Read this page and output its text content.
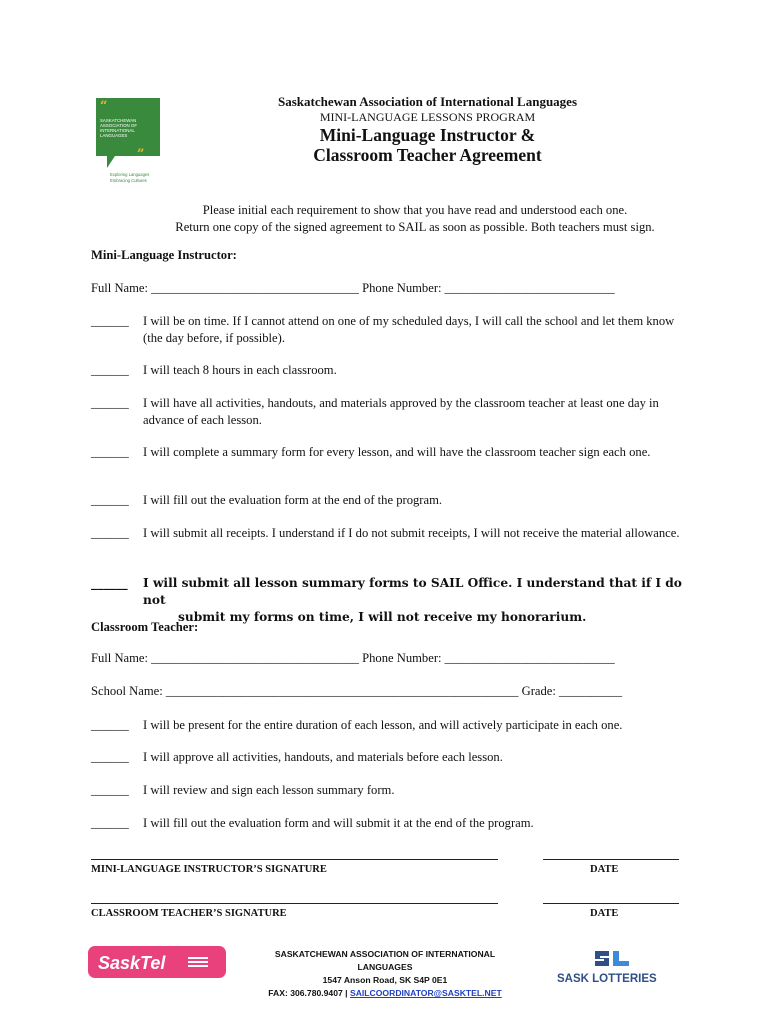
“
SASKATCHEWAN
ASSOCIATION OF
INTERNATIONAL
LANGUAGES
”
Exploring Languages
Embracing Cultures
Saskatchewan Association of International Languages
MINI-LANGUAGE LESSONS PROGRAM
Mini-Language Instructor &
Classroom Teacher Agreement
Please initial each requirement to show that you have read and understood each one.
Return one copy of the signed agreement to SAIL as soon as possible. Both teachers must sign.
Mini-Language Instructor:
Full Name: _________________________________ Phone Number: ___________________________
______	I will be on time. If I cannot attend on one of my scheduled days, I will call the school and let them know (the day before, if possible).
______	I will teach 8 hours in each classroom.
______	I will have all activities, handouts, and materials approved by the classroom teacher at least one day in advance of each lesson.
______	I will complete a summary form for every lesson, and will have the classroom teacher sign each one.
______	I will fill out the evaluation form at the end of the program.
______	I will submit all receipts. I understand if I do not submit receipts, I will not receive the material allowance.
______	I will submit all lesson summary forms to SAIL Office. I understand that if I do not
submit my forms on time, I will not receive my honorarium.
Classroom Teacher:
Full Name: _________________________________ Phone Number: ___________________________
School Name: ________________________________________________________ Grade: __________
______	I will be present for the entire duration of each lesson, and will actively participate in each one.
______	I will approve all activities, handouts, and materials before each lesson.
______	I will review and sign each lesson summary form.
______	I will fill out the evaluation form and will submit it at the end of the program.
MINI-LANGUAGE INSTRUCTOR’S SIGNATURE	DATE
CLASSROOM TEACHER’S SIGNATURE	DATE
SaskTel	SASKATCHEWAN ASSOCIATION OF INTERNATIONAL
LANGUAGES
1547 Anson Road, SK S4P 0E1
FAX: 306.780.9407 | SAILCOORDINATOR@SASKTEL.NET
SASK LOTTERIES
